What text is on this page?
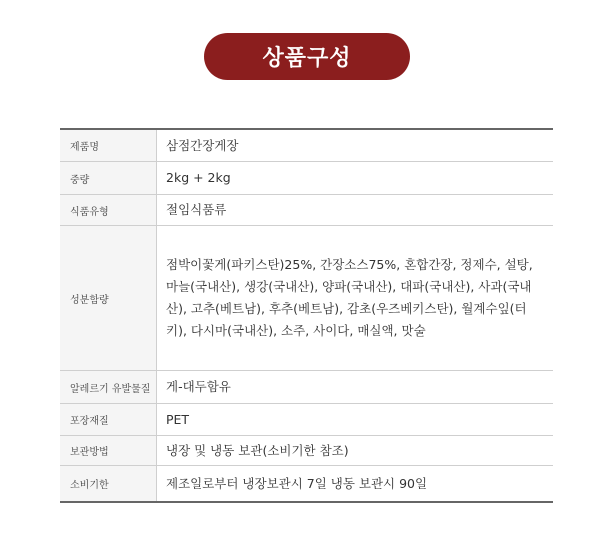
상품구성
제품명	삼점간장게장
중량	2kg + 2kg
식품유형	절임식품류
성분함량	점박이꽃게(파키스탄)25%, 간장소스75%, 혼합간장, 정제수, 설탕, 마늘(국내산), 생강(국내산), 양파(국내산), 대파(국내산), 사과(국내산), 고추(베트남), 후추(베트남), 감초(우즈베키스탄), 월계수잎(터키), 다시마(국내산), 소주, 사이다, 매실액, 맛술
알레르기 유발물질	게-대두함유
포장재질	PET
보관방법	냉장 및 냉동 보관(소비기한 참조)
소비기한	제조일로부터 냉장보관시 7일 냉동 보관시 90일
